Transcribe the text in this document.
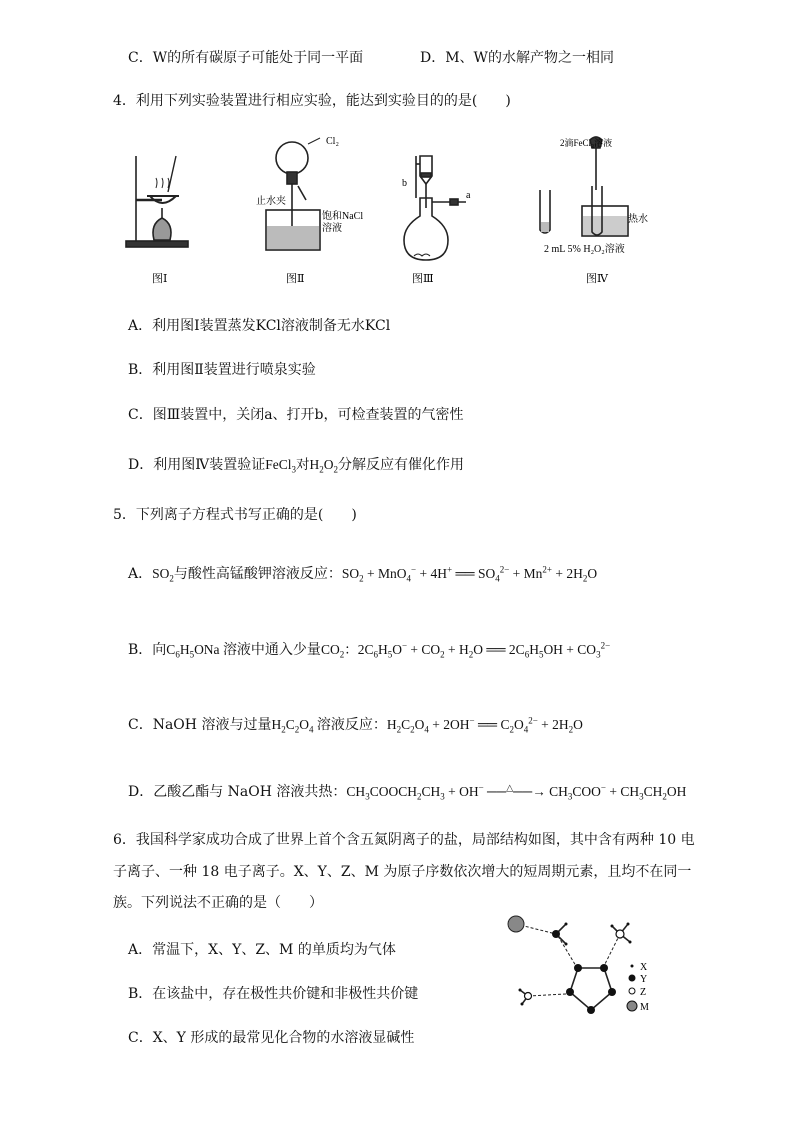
C．W的所有碳原子可能处于同一平面	D．M、W的水解产物之一相同
4．利用下列实验装置进行相应实验，能达到实验目的的是(　　)
Cl₂
止水夹
饱和NaCl
溶液
b
a
2滴FeCl₃溶液
热水
2 mL 5% H₂O₂溶液
图Ⅰ	图Ⅱ	图Ⅲ	图Ⅳ
A．利用图Ⅰ装置蒸发KCl溶液制备无水KCl
B．利用图Ⅱ装置进行喷泉实验
C．图Ⅲ装置中，关闭a、打开b，可检查装置的气密性
D．利用图Ⅳ装置验证FeCl$_3$对$H_2O_2$分解反应有催化作用
5．下列离子方程式书写正确的是(　　)
A．$SO_2$与酸性高锰酸钾溶液反应：$SO_2 + MnO_4^- + 4H^+$ ══ $SO_4^{2-} + Mn^{2+} + 2H_2O$
B．向$C_6H_5ONa$ 溶液中通入少量$CO_2$：$2C_6H_5O^- + CO_2 + H_2O$ ══ $2C_6H_5OH + CO_3^{2-}$
C．NaOH 溶液与过量$H_2C_2O_4$ 溶液反应：$H_2C_2O_4 + 2OH^-$ ══ $C_2O_4^{2-} + 2H_2O$
D．乙酸乙酯与 NaOH 溶液共热：$CH_3COOCH_2CH_3 + OH^-$ ──△──→ $CH_3COO^- + CH_3CH_2OH$
6．我国科学家成功合成了世界上首个含五氮阴离子的盐，局部结构如图，其中含有两种 10 电
子离子、一种 18 电子离子。X、Y、Z、M 为原子序数依次增大的短周期元素，且均不在同一
族。下列说法不正确的是（　　）
A．常温下，X、Y、Z、M 的单质均为气体
B．在该盐中，存在极性共价键和非极性共价键
C．X、Y 形成的最常见化合物的水溶液显碱性
X
Y
Z
M
